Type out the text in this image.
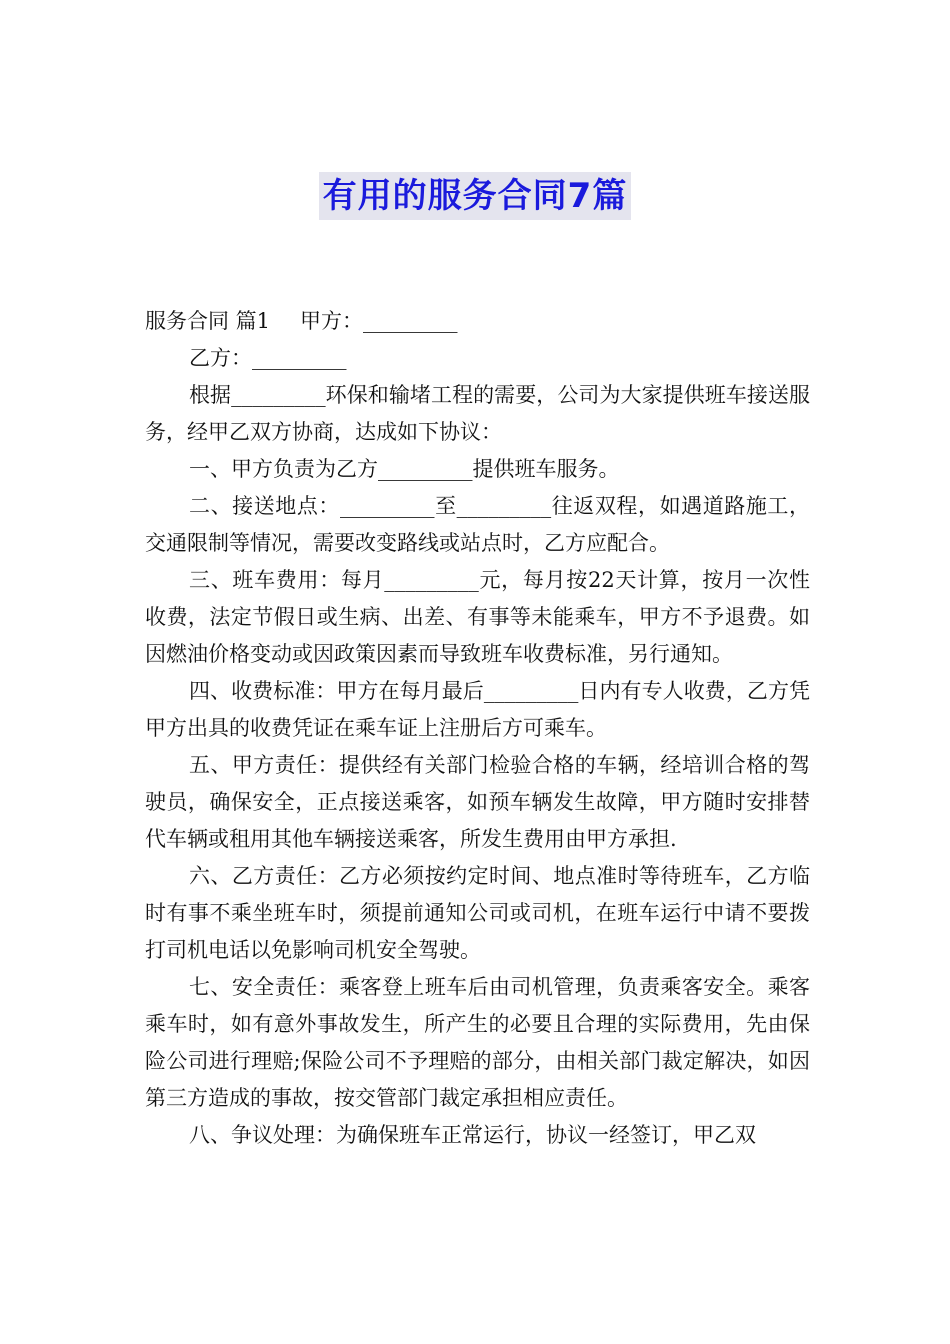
有用的服务合同7篇

服务合同 篇1 甲方：_________

乙方：_________

根据_________环保和输堵工程的需要，公司为大家提供班车接送服务，经甲乙双方协商，达成如下协议：

一、甲方负责为乙方_________提供班车服务。

二、接送地点：_________至_________往返双程，如遇道路施工，交通限制等情况，需要改变路线或站点时，乙方应配合。

三、班车费用：每月_________元，每月按22天计算，按月一次性收费，法定节假日或生病、出差、有事等未能乘车，甲方不予退费。如因燃油价格变动或因政策因素而导致班车收费标准，另行通知。

四、收费标准：甲方在每月最后_________日内有专人收费，乙方凭甲方出具的收费凭证在乘车证上注册后方可乘车。

五、甲方责任：提供经有关部门检验合格的车辆，经培训合格的驾驶员，确保安全，正点接送乘客，如预车辆发生故障，甲方随时安排替代车辆或租用其他车辆接送乘客，所发生费用由甲方承担.

六、乙方责任：乙方必须按约定时间、地点准时等待班车，乙方临时有事不乘坐班车时，须提前通知公司或司机，在班车运行中请不要拨打司机电话以免影响司机安全驾驶。

七、安全责任：乘客登上班车后由司机管理，负责乘客安全。乘客乘车时，如有意外事故发生，所产生的必要且合理的实际费用，先由保险公司进行理赔;保险公司不予理赔的部分，由相关部门裁定解决，如因第三方造成的事故，按交管部门裁定承担相应责任。

八、争议处理：为确保班车正常运行，协议一经签订，甲乙双
